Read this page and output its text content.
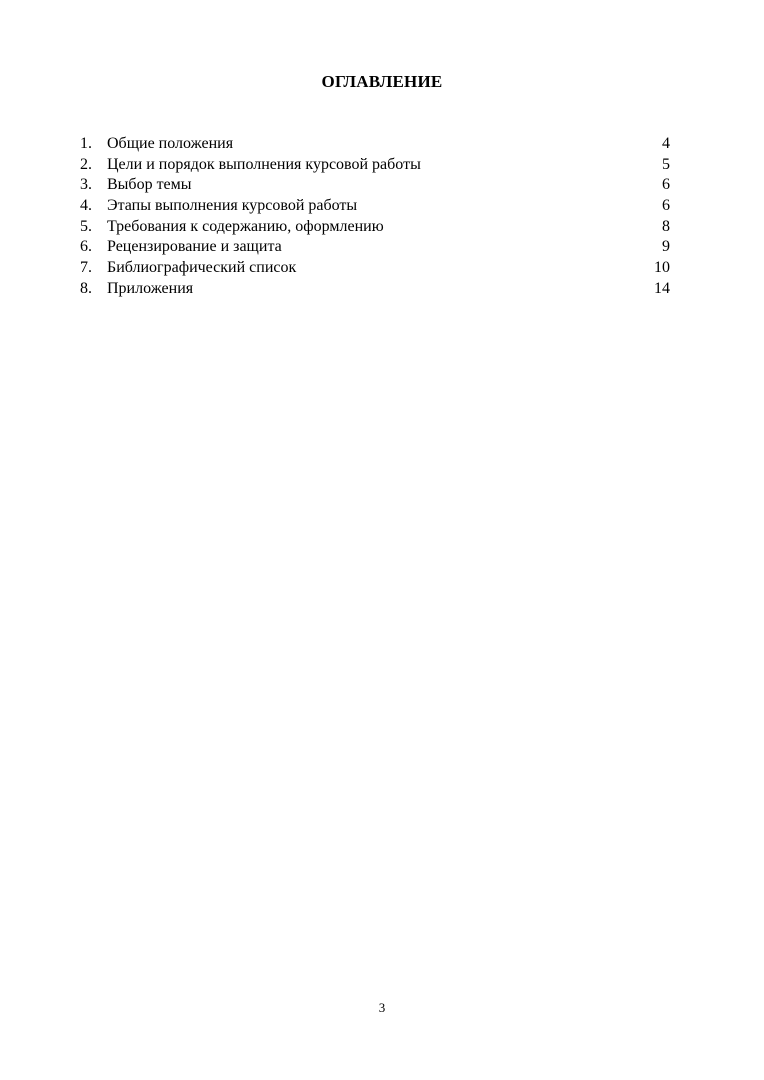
ОГЛАВЛЕНИЕ
1. Общие положения	4
2. Цели и порядок выполнения курсовой работы	5
3. Выбор темы	6
4. Этапы выполнения курсовой работы	6
5. Требования к содержанию, оформлению	8
6. Рецензирование и защита	9
7. Библиографический список	10
8. Приложения	14
3
